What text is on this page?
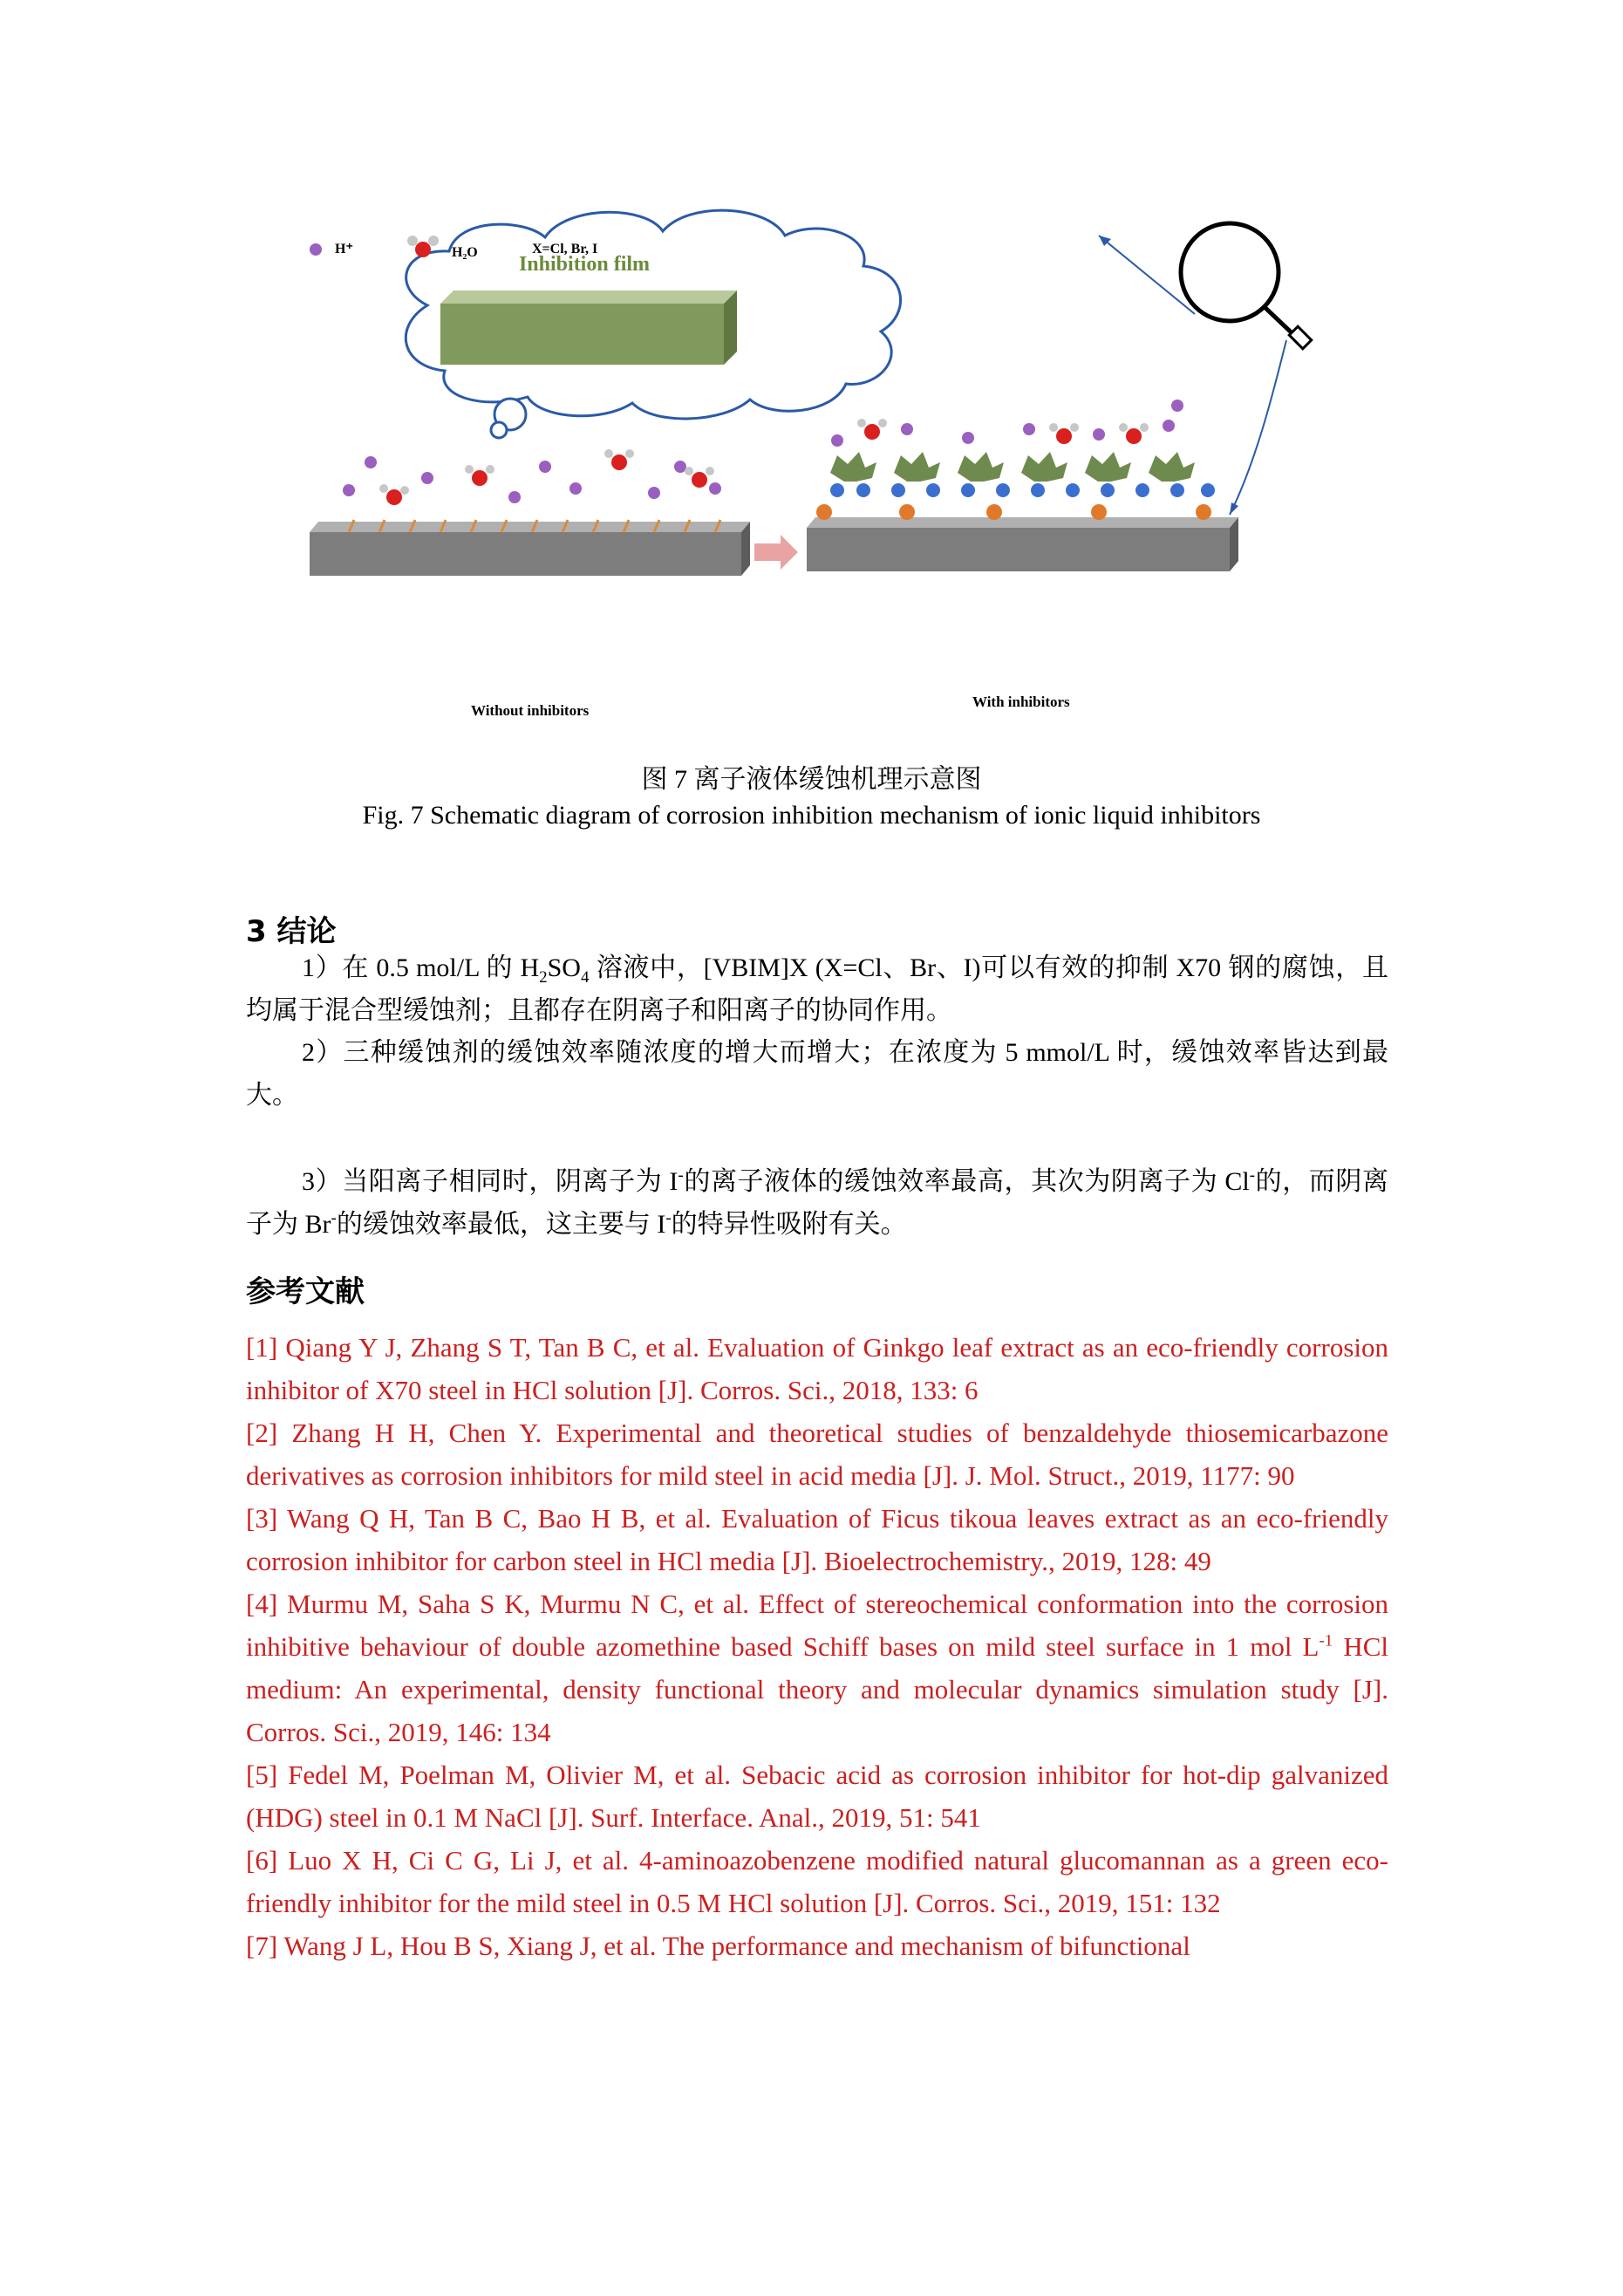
Inhibition film
H⁺	H₂O	X=Cl, Br, I
Without inhibitors
With inhibitors
图 7 离子液体缓蚀机理示意图
Fig. 7 Schematic diagram of corrosion inhibition mechanism of ionic liquid inhibitors
3 结论
1）在 0.5 mol/L 的 $H_2SO_4$ 溶液中，[VBIM]X (X=Cl、Br、I)可以有效的抑制 X70 钢的腐蚀，且均属于混合型缓蚀剂；且都存在阴离子和阳离子的协同作用。
2）三种缓蚀剂的缓蚀效率随浓度的增大而增大；在浓度为 5 mmol/L 时，缓蚀效率皆达到最大。
3）当阳离子相同时，阴离子为 I-的离子液体的缓蚀效率最高，其次为阴离子为 Cl-的，而阴离子为 Br-的缓蚀效率最低，这主要与 I-的特异性吸附有关。
参考文献

[1] Qiang Y J, Zhang S T, Tan B C, et al. Evaluation of Ginkgo leaf extract as an eco-friendly corrosion inhibitor of X70 steel in HCl solution [J]. Corros. Sci., 2018, 133: 6

[2] Zhang H H, Chen Y. Experimental and theoretical studies of benzaldehyde thiosemicarbazone derivatives as corrosion inhibitors for mild steel in acid media [J]. J. Mol. Struct., 2019, 1177: 90

[3] Wang Q H, Tan B C, Bao H B, et al. Evaluation of Ficus tikoua leaves extract as an eco-friendly corrosion inhibitor for carbon steel in HCl media [J]. Bioelectrochemistry., 2019, 128: 49

[4] Murmu M, Saha S K, Murmu N C, et al. Effect of stereochemical conformation into the corrosion inhibitive behaviour of double azomethine based Schiff bases on mild steel surface in 1 mol $L^{-1}$ HCl medium: An experimental, density functional theory and molecular dynamics simulation study [J]. Corros. Sci., 2019, 146: 134

[5] Fedel M, Poelman M, Olivier M, et al. Sebacic acid as corrosion inhibitor for hot-dip galvanized (HDG) steel in 0.1 M NaCl [J]. Surf. Interface. Anal., 2019, 51: 541

[6] Luo X H, Ci C G, Li J, et al. 4-aminoazobenzene modified natural glucomannan as a green eco-friendly inhibitor for the mild steel in 0.5 M HCl solution [J]. Corros. Sci., 2019, 151: 132

[7] Wang J L, Hou B S, Xiang J, et al. The performance and mechanism of bifunctional
